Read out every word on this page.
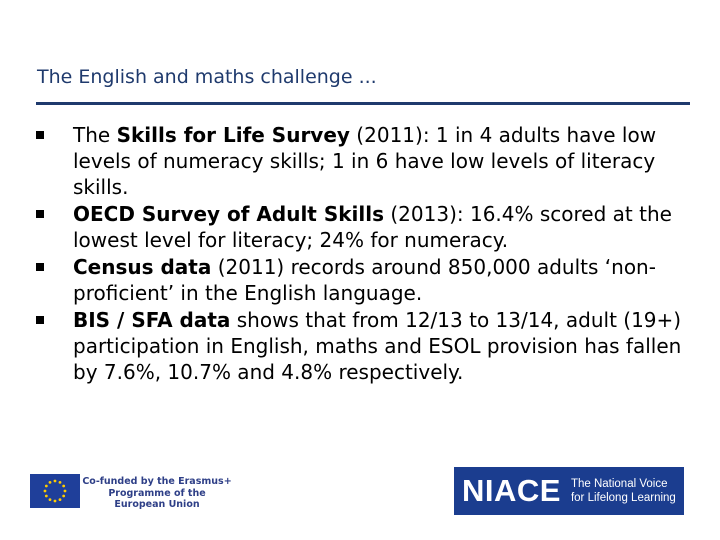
The English and maths challenge ...
The Skills for Life Survey (2011): 1 in 4 adults have low levels of numeracy skills; 1 in 6 have low levels of literacy skills.
OECD Survey of Adult Skills (2013): 16.4% scored at the lowest level for literacy; 24% for numeracy.
Census data (2011) records around 850,000 adults ‘non-proficient’ in the English language.
BIS / SFA data shows that from 12/13 to 13/14, adult (19+) participation in English, maths and ESOL provision has fallen by 7.6%, 10.7% and 4.8% respectively.
Co-funded by the Erasmus+ Programme of the European Union	NIACE The National Voice
for Lifelong Learning
